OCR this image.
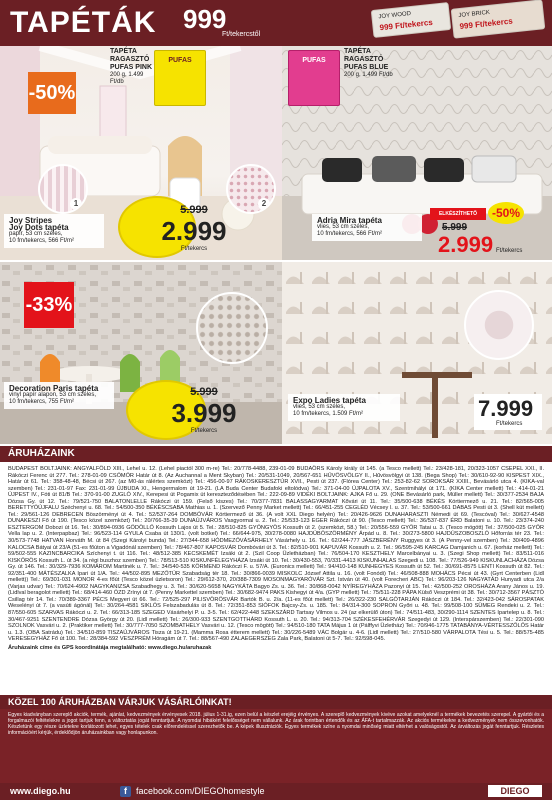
TAPÉTÁK 999
Ft/tekercstől
JOY WOOD
999 Ft/tekercs
JOY BRICK
999 Ft/tekercs
-50%
1	2
Joy Stripes
Joy Dots tapéta
papír, 53 cm széles,
10 fm/tekercs, 566 Ft/m²
5.999
2.999
Ft/tekercs
PUFAS
TAPÉTA RAGASZTÓ PUFAS PINK
200 g, 1.499 Ft/db
PUFAS
TAPÉTA RAGASZTÓ PUFAS BLUE
200 g, 1.499 Ft/db
Adria Mira tapéta
vlies, 53 cm széles,
10 fm/tekercs, 566 Ft/m²
ELKÉSZÍTHETŐ	-50%
5.999
2.999 Ft/tekercs
-33%
Decoration Paris tapéta
vinyl papír alapon, 53 cm széles,
10 fm/tekercs, 755 Ft/m²
5.999
3.999
Ft/tekercs
Expo Ladies tapéta
vlies, 53 cm széles,
10 fm/tekercs, 1.509 Ft/m²	7.999
Ft/tekercs
ÁRUHÁZAINK
BUDAPEST BOLTJAINK: ANGYALFÖLD XIII., Lehel u. 12. (Lehel piactól 300 m-re) Tel.: 20/778-4488, 239-01-09 BUDAÖRS Károly király út 145. (a Tesco mellett) Tel.: 23/428-181, 20/323-1057 CSEPEL XXI., II. Rákóczi Ferenc út 277. Tel.: 278-01-09 CSÖMÖR Határ út 8. (Az Auchannal a Ment Skyban) Tel.: 20/531-1049, 20/567-651 HŰVÖSVÖLGY II., Hűvösvölgyi út 138. (Bega Shop) Tel.: 30/610-92-90 KISPEST XIX., Határ út 61. Tel.: 358-48-48, Bécsi út 267. (az M0-ás rálértes szemközt) Tel.: 456-00-97 RÁKOSKERESZTÚR XVII., Pesti út 237. (Flórea Center) Tel.: 253-82-62 SOROKSÁR XXIII., Bevásárló utca 4. (KIKA-val szemben) Tel.: 231-01-97 Fax: 231-01-99 ÚJBUDA XI., Hengermalom út 19-21. (LA Buda Center Budafoki eltolódva) Tel.: 371-04-00 ÚJPALOTA XV., Szentmihályi út 171. (KIKA Center mellett) Tel.: 414-01-21 ÚJPEST IV., Fóti út 81/B Tel.: 370-91-00 ZUGLÓ XIV., Kerepesi út Pogamix út kereszteződésében Tel.: 222-09-89 VIDÉKI BOLTJAINK: AJKA Fő u. 29. (ONE Bevásárló park, Müller mellett) Tel.: 30/377-2534 BAJA Dózsa Gy. út 12. Tel.: 79/521-750 BALATONLELLE Rákóczi út 159. (Felső kiszes) Tel.: 70/377-7831 BALASSAGYARMAT Kővári út 11. Tel.: 35/500-638 BÉKÉS Kórtiermező u. 21. Tel.: 82/565-005 BERETTYÓÚJFALU Széchenyi u. 68. Tel.: 54/500-350 BÉKÉSCSABA Mathias u. 1. (Szervező Penny Market mellett) Tel.: 66/451-255 CEGLÉD Vécsey l. u. 37. Tel.: 53/500-661 DABAS Pesti út 3. (Shell kút mellett) Tel.: 29/561-126 DEBRECEN Böszörményi út 4. Tel.: 52/537-264 DOMBÓVÁR Kórtiermező út 36. (A volt XXL Diego helyén) Tel.: 20/426-9626 DUNAHARASZTI Némedi út 69. (Tescóval) Tel.: 30/627-4548 DUNAKESZI Fő út 190. (Tesco közel szemközt) Tel.: 20/766-35-39 DUNAÚJVÁROS Vasgyormal u. 2. Tel.: 25/533-123 EGER Rákóczi út 90. (Tesco mellett) Tel.: 36/537-837 ÉRD Balatoni u. 10. Tel.: 23/374-240 ESZTERGOM Dobozi út 16. Tel.: 30/894-0936 GÖDÖLLŐ Kossuth Lajos út 5. Tel.: 28/510-825 GYÖNGYÖS Kossuth út 2. (szemközt, 58.) Tel.: 20/556-559 GYŐR Tatai u. 3. (Tesco mögött) Tel.: 37/500-025 GYŐR Vella lap u. 2. (Interpapbaz) Tel.: 96/523-114 GYULA Csaba út 130/1. (volt botkel) Tel.: 66/644-975, 30/278-0080 HAJDÚBÖSZÖRMÉNY Árpád u. 8. Tel.: 30/273-5800 HAJDÚSZOBOSZLÓ Hőforrás tér 23. Tel.: 30/573-7748 HATVAN Horváth M. út 84 (Szegi Károlyi bunda) Tel.: 27/344-658 HÓDMEZŐVÁSÁRHELY Vásárhely u. 16. Tel.: 62/244-777 JÁSZBERÉNY Ruggyes út 3. (A Penny-vel szemben) Tel.: 30/409-4896 KALOCSA Bátyai út 23/A (51-es főúton a Vigadónál szemben) Tel.: 78/467-807 KAPOSVÁR Dombóvári út 3. Tel.: 82/510-901 KAPUVÁR Kossuth u. 2. Tel.: 96/595-245 KARCAG Damjanich u. 67. (korház mellett) Tel.: 59/502-555 KAZINCBARCIKA Szíchenyi t. út 116. Tel.: 48/512-385 KECSKEMÉT Izsáki út 2. (Szil Coop Üzletházban) Tel.: 76/504-170 KESZTHELY Marcelbányai u. 3. (Szegi Shop mellett) Tel.: 83/511-016 KISKŐRÖS Kossuth L. út 34. (a régi buszhoz szemben) Tel.: 78/513-510 KISKUNFÉLEGYHÁZA Izsáki út 10. Tel.: 30/430-553, 70/331-4413 KISKUNHALAS Szegedi u. 108. Tel.: 77/526-949 KISKUNLACHÁZA Dózsa Gy. út 146. Tel.: 30/329-7936 KOMÁROM Martinék u. 7. Tel.: 34/540-535 KÖRMEND Rákóczi F. u. 57/A. (Euronics mellett) Tel.: 94/410-148 KUNHEGYES Kossuth út 52. Tel.: 30/691-8575 LENTI Kossuth út 82. Tel.: 92/351-400 MÁTÉSZALKA Ipari út 1/A. Tel.: 44/502-895 MEZŐTÚR Szabadság tér 18. Tel.: 30/866-0039 MISKOLC József Attila u. 16. (volt Fonódi) Tel.: 46/508-888 MOHÁCS Pécsi út 43. (Gyrt Centerben (Lidl mellett)) Tel.: 69/301-031 MONOR 4-es főút (Tesco közel üzletsoron) Tel.: 29/612-370, 20/388-7309 MOSONMAGYARÓVÁR Szt. István út 40. (volt Forecheri ABC) Tel.: 96/203-126 NAGYATÁD Hunyadi utca 2/a (Varjas udvar) Tel.: 70/624-4902 NAGYKANIZSA Szabadhegy u. 3. Tel.: 30/620-5658 NAGYKÁTA Bagyo Zs. u. 36. Tel.: 30/868-0042 NYÍREGYHÁZA Pazonyi út 15. Tel.: 42/500-252 OROSHÁZA Arany János u. 19. (Lidlval beragolot mellett) Tel.: 68/414-460 ÓZD Zrínyi út 7. (Penny Markettel szemben) Tel.: 30/682-9474 PAKS Kishegyi út 4/a. (GYP mellett) Tel.: 75/511-228 PÁPA Külső Veszprémi út 38. Tel.: 30/712-3567 PÁSZTÓ Csillag tér 14. Tel.: 70/389-3367 PÉCS Megyeri út 66. Tel.: 72/525-297 PILISVÖRÖSVÁR Bartók B. u. 2/a. (11-es főút mellett) Tel.: 26/322-230 SALGÓTARJÁN Rákóczi út 184. Tel.: 32/423-042 SÁROSPATAK Weselényi út 7. (a vasúti ágónál) Tel.: 30/264-4581 SIKLÓS Felszabadulás út 8. Tel.: 72/351-853 SIÓFOK Bajcsy-Zs. u. 185. Tel.: 84/314-300 SOPRON Győri u. 48. Tel.: 99/508-100 SÜMEG Rendeki u. 2. Tel.: 87/550-605 SZARVAS Rákóczi u. 2. Tel.: 66/313-185 SZEGED Vásárhelyi P. u. 3-5. Tel.: 62/422-448 SZEKSZÁRD Tartsay Vilmos u. 24 (az elkerülő úton) Tel.: 74/511-483, 30/290-1114 SZENTES Ipartelep u. 8. Tel.: 30/467-9251 SZENTENDRE Dózsa György út 20. (Lidl mellett) Tel.: 26/300-933 SZENTGOTTHÁRD Kossuth L. u. 20. Tel.: 94/313-704 SZÉKESFEHÉRVÁR Szegedyi út 129. (Interspárszemben) Tel.: 22/301-090 SZOLNOK Vasvári u. 2. (Praktiker mellett) Tel.: 30/777-7050 SZOMBATHELY Vasvári u. 12. (Tesco mögött) Tel.: 94/510-180 TATA Május 1 út (Pálffyvi Üzletház) Tel.: 70/946-1775 TATABÁNYA-VÉRTESSZŐLŐS Határ u. 1.3. (OBA Satrádu) Tel.: 34/510-859 TISZAÚJVÁROS Tisza út 19-21. (Mamma Rosa étterem mellett) Tel.: 30/226-5489 VÁC Bolgár u. 4-6. (Lidl mellett) Tel.: 27/510-580 VÁRPALOTA Tési u. 5. Tel.: 88/575-485 VERESEGYHÁZ Fő út 100. Tel.: 28/384-592 VESZPRÉM Hóragám út 7. Tel.: 88/567-490 ZALAEGERSZEG Zala Park, Balatoni út 5-7. Tel.: 92/598-045.
Áruházaink címe és GPS koordinátája megtalálható: www.diego.hu/aruhazak
KÖZEL 100 ÁRUHÁZBAN VÁRJUK VÁSÁRLÓINKAT!
Egyes kiadványban szereplő akciók, termék, ajánlat, kedvezmények érvényesek 2018. július 1-31.ig, ezen belül a készlet erejéig érvényes. A szereplő kedvezmények kivéve azokat amelyeknél a termékek bevezetés szerepel. A gyártói és a forgalmazói feltételekre a jogot tartjuk fenn, a változtatás jogát fenntartjuk. A nyomdai hibákért felelősséget nem vállalunk. Az árak forintban értendők és az ÁFA-t tartalmazzák. Az akciós termékekre a kedvezmények nem összevonhatók. Készletünk egy része üzletekre korlátozott lehet, egyes tételek csak előrendeléssel szerezhetők be. A képek illusztrációk. Egyes termékek színe a nyomdai minőség miatt eltérhet a valóságostól. Az árváltozás jogát fenntartjuk. Részletes információért kérjük, érdeklődjön áruházainkban vagy honlapunkon.
www.diego.hu	f	facebook.com/DIEGOhomestyle	DIEGO
